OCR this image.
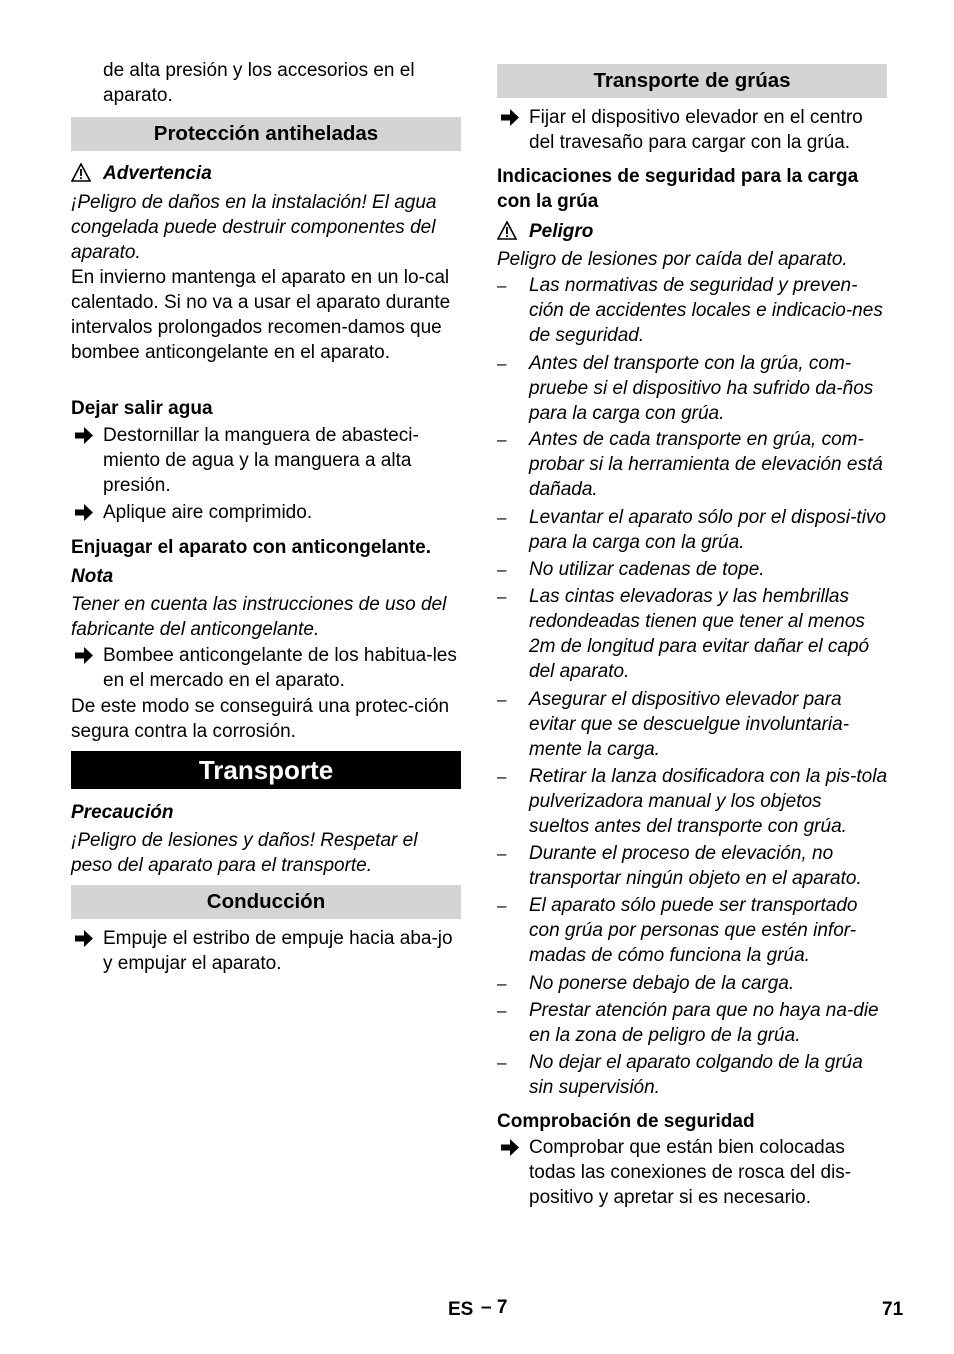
de alta presión y los accesorios en el aparato.
Protección antiheladas
Advertencia
¡Peligro de daños en la instalación! El agua congelada puede destruir componentes del aparato.
En invierno mantenga el aparato en un lo-cal calentado. Si no va a usar el aparato durante intervalos prolongados recomen-damos que bombee anticongelante en el aparato.
Dejar salir agua
Destornillar la manguera de abasteci-miento de agua y la manguera a alta presión.
Aplique aire comprimido.
Enjuagar el aparato con anticongelante.
Nota
Tener en cuenta las instrucciones de uso del fabricante del anticongelante.
Bombee anticongelante de los habitua-les en el mercado en el aparato.
De este modo se conseguirá una protec-ción segura contra la corrosión.
Transporte
Precaución
¡Peligro de lesiones y daños! Respetar el peso del aparato para el transporte.
Conducción
Empuje el estribo de empuje hacia aba-jo y empujar el aparato.
Transporte de grúas
Fijar el dispositivo elevador en el centro del travesaño para cargar con la grúa.
Indicaciones de seguridad para la carga con la grúa
Peligro
Peligro de lesiones por caída del aparato.
– Las normativas de seguridad y preven-ción de accidentes locales e indicacio-nes de seguridad.
– Antes del transporte con la grúa, com-pruebe si el dispositivo ha sufrido da-ños para la carga con grúa.
– Antes de cada transporte en grúa, com-probar si la herramienta de elevación está dañada.
– Levantar el aparato sólo por el disposi-tivo para la carga con la grúa.
– No utilizar cadenas de tope.
– Las cintas elevadoras y las hembrillas redondeadas tienen que tener al menos 2m de longitud para evitar dañar el capó del aparato.
– Asegurar el dispositivo elevador para evitar que se descuelgue involuntaria-mente la carga.
– Retirar la lanza dosificadora con la pis-tola pulverizadora manual y los objetos sueltos antes del transporte con grúa.
– Durante el proceso de elevación, no transportar ningún objeto en el aparato.
– El aparato sólo puede ser transportado con grúa por personas que estén infor-madas de cómo funciona la grúa.
– No ponerse debajo de la carga.
– Prestar atención para que no haya na-die en la zona de peligro de la grúa.
– No dejar el aparato colgando de la grúa sin supervisión.
Comprobación de seguridad
Comprobar que están bien colocadas todas las conexiones de rosca del dis-positivo y apretar si es necesario.
ES – 7	71
